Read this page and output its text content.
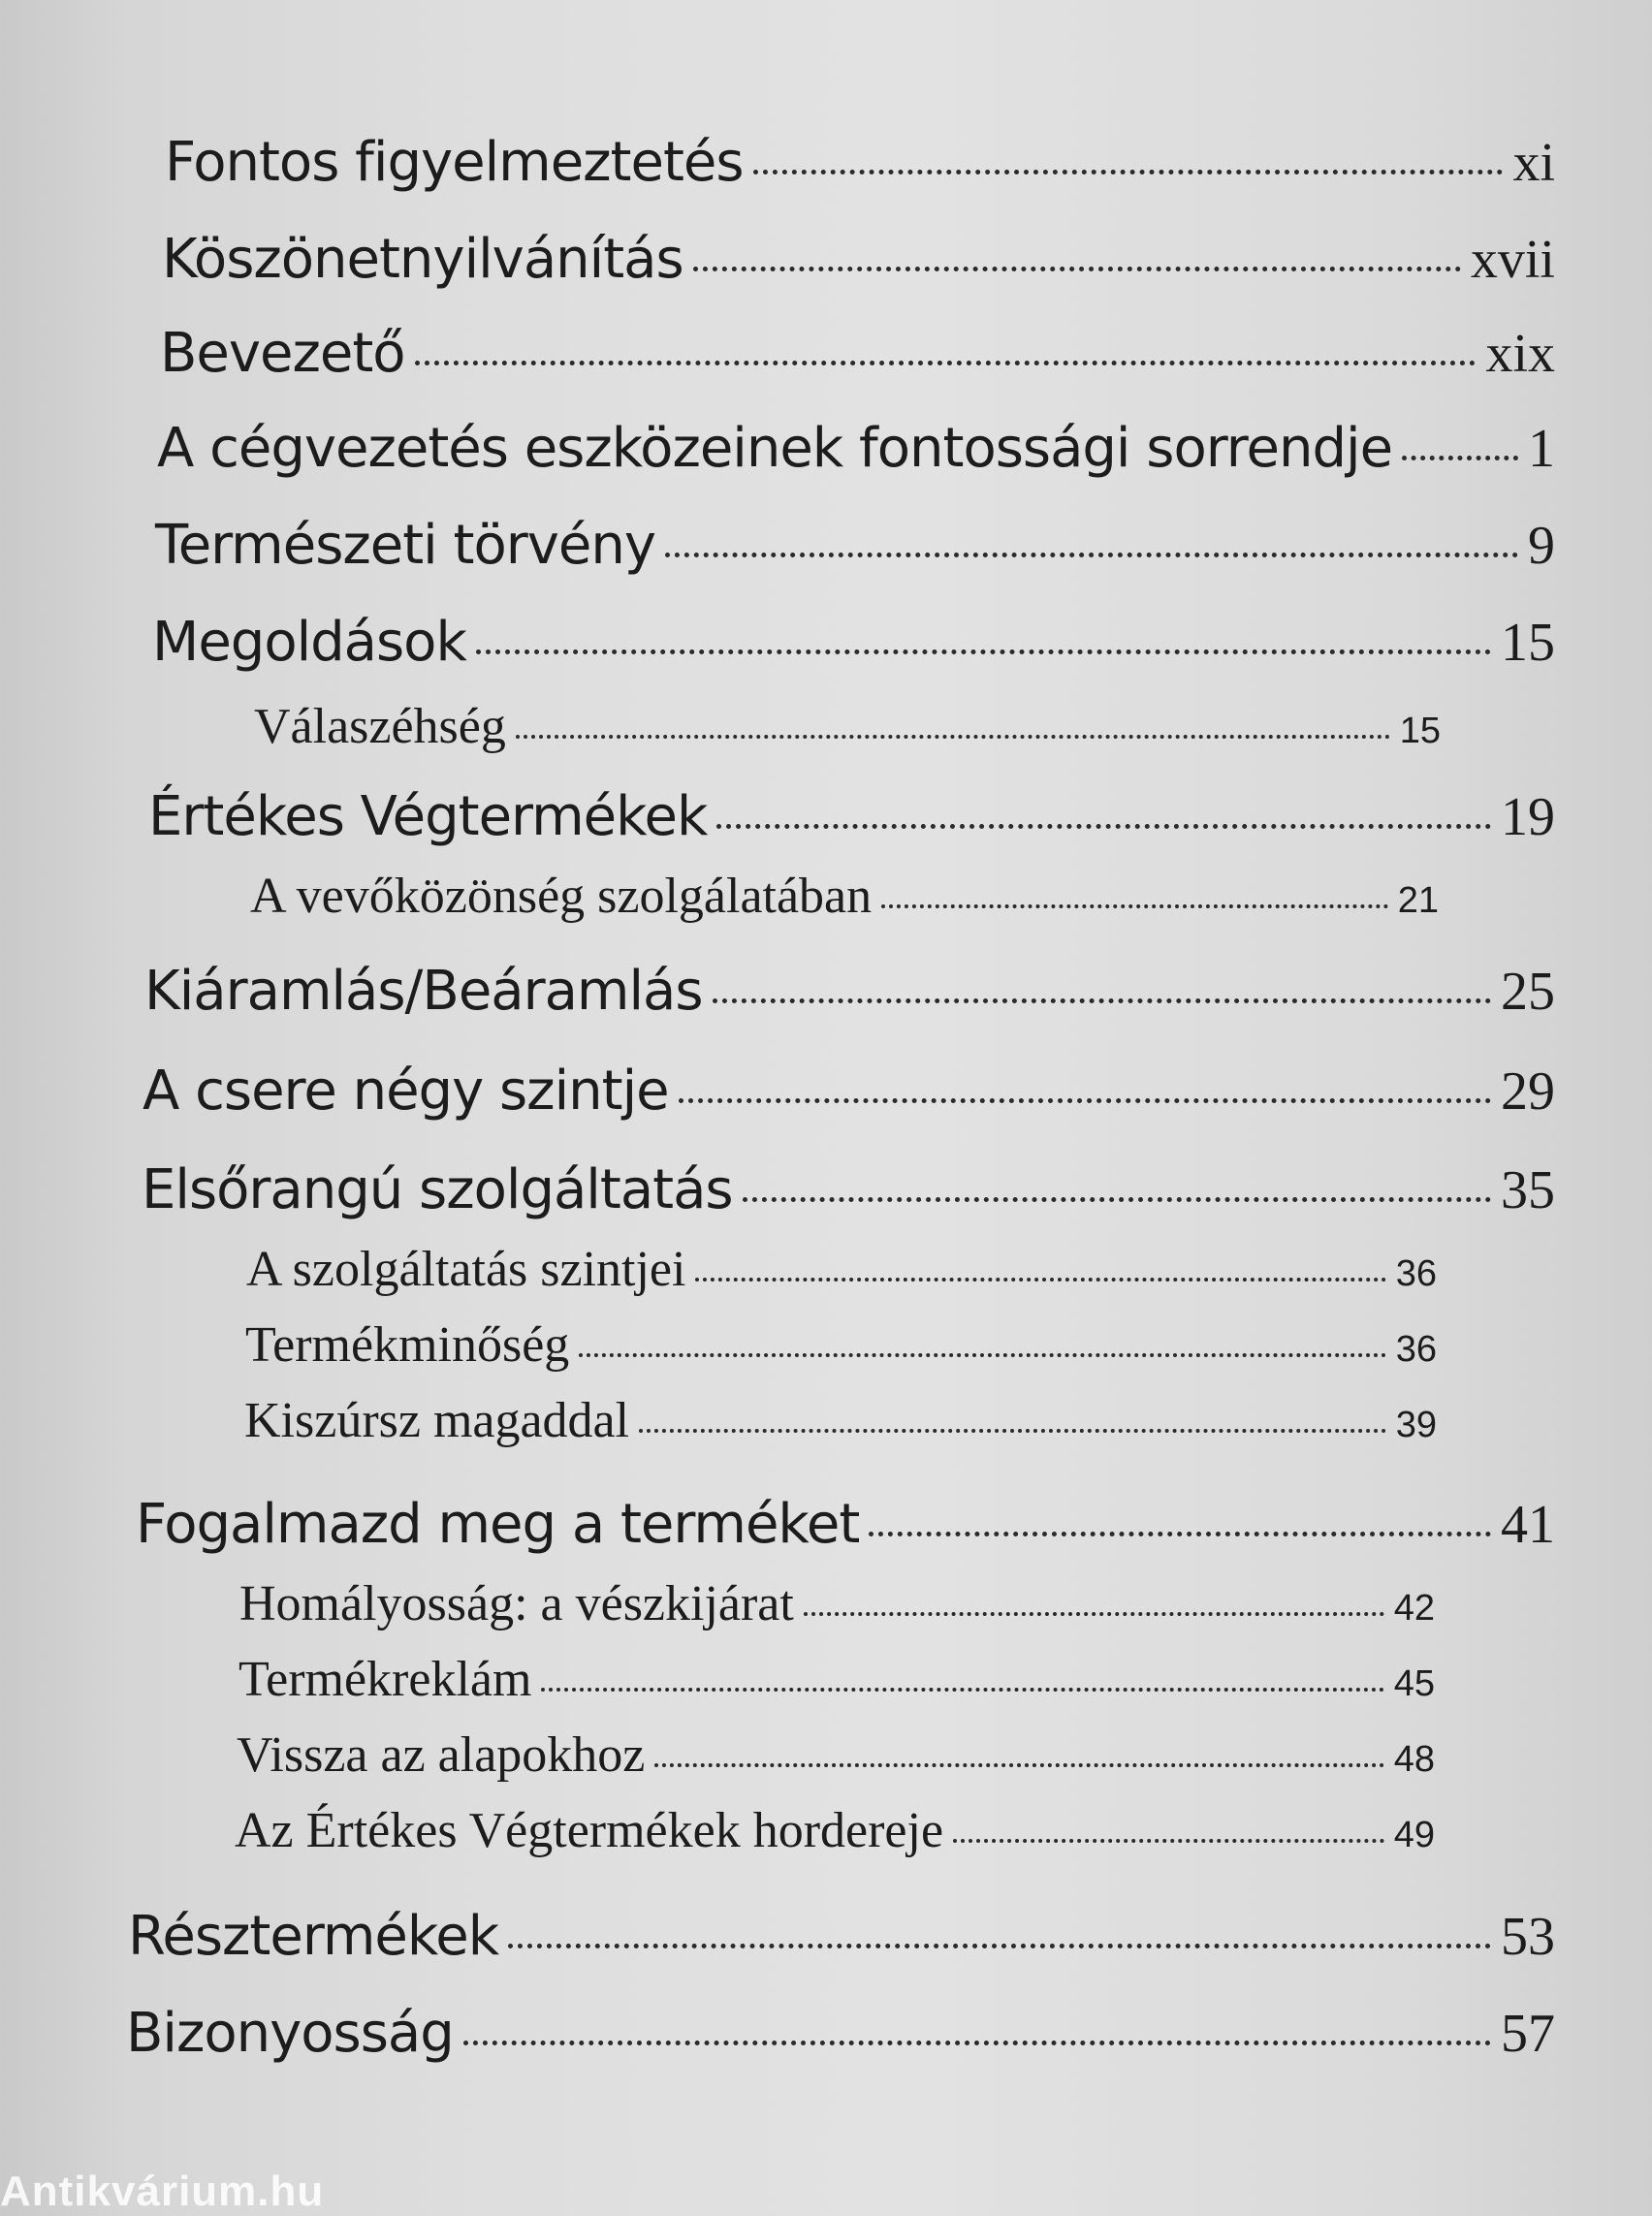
Fontos figyelmeztetés	xi
Köszönetnyilvánítás	xvii
Bevezető	xix
A cégvezetés eszközeinek fontossági sorrendje 1
Természeti törvény	9
Megoldások	15
Válaszéhség	15
Értékes Végtermékek	19
A vevőközönség szolgálatában	21
Kiáramlás/Beáramlás	25
A csere négy szintje	29
Elsőrangú szolgáltatás	35
A szolgáltatás szintjei	36
Termékminőség	36
Kiszúrsz magaddal	39
Fogalmazd meg a terméket	41
Homályosság: a vészkijárat	42
Termékreklám	45
Vissza az alapokhoz	48
Az Értékes Végtermékek hordereje	49
Résztermékek	53
Bizonyosság	57
Antikvárium.hu
